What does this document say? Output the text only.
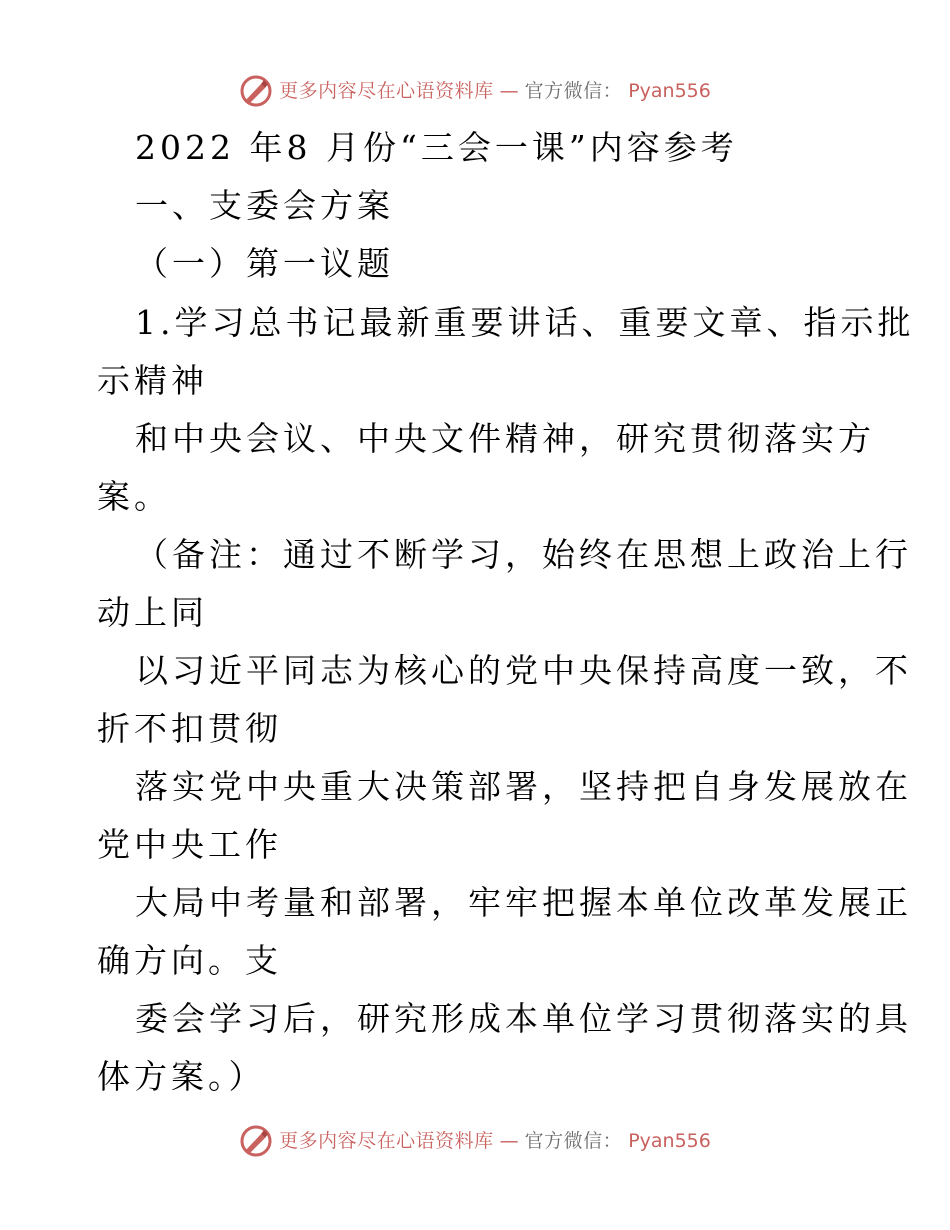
更多内容尽在心语资料库 — 官方微信： Pyan556
2022 年8 月份“三会一课”内容参考
一、支委会方案
（一）第一议题
1.学习总书记最新重要讲话、重要文章、指示批
示精神
和中央会议、中央文件精神，研究贯彻落实方
案。
（备注：通过不断学习，始终在思想上政治上行
动上同
以习近平同志为核心的党中央保持高度一致，不
折不扣贯彻
落实党中央重大决策部署，坚持把自身发展放在
党中央工作
大局中考量和部署，牢牢把握本单位改革发展正
确方向。支
委会学习后，研究形成本单位学习贯彻落实的具
体方案。）
更多内容尽在心语资料库 — 官方微信： Pyan556
